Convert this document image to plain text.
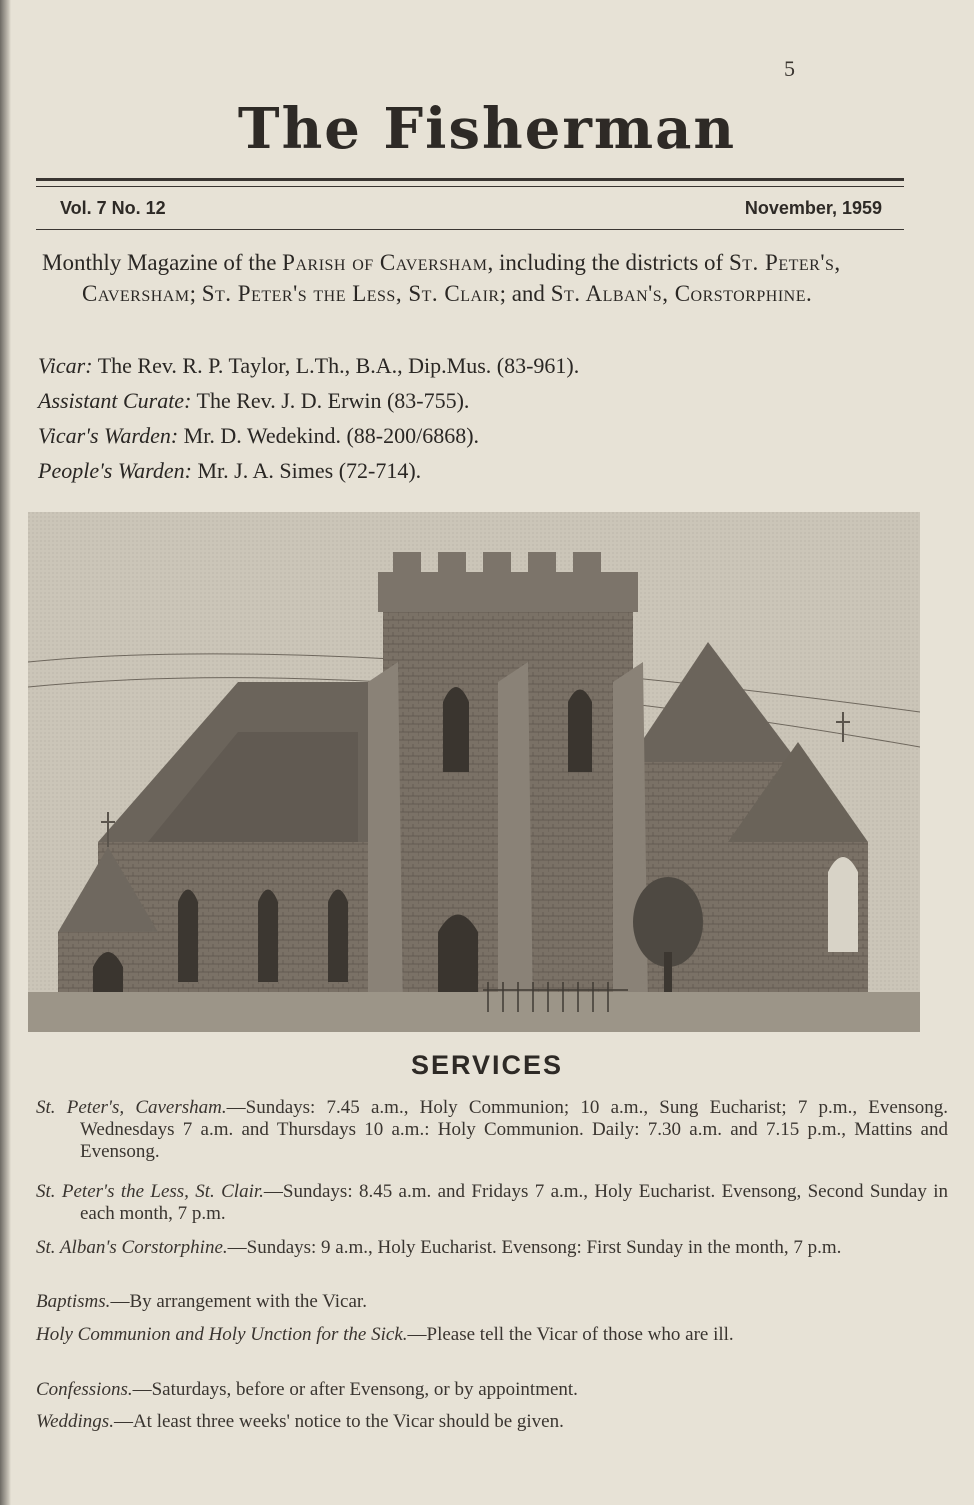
5
The Fisherman
Vol. 7 No. 12	November, 1959
Monthly Magazine of the Parish of Caversham, including the districts of St. Peter's, Caversham; St. Peter's the Less, St. Clair; and St. Alban's, Corstorphine.
Vicar: The Rev. R. P. Taylor, L.Th., B.A., Dip.Mus. (83-961).
Assistant Curate: The Rev. J. D. Erwin (83-755).
Vicar's Warden: Mr. D. Wedekind. (88-200/6868).
People's Warden: Mr. J. A. Simes (72-714).
SERVICES
St. Peter's, Caversham.—Sundays: 7.45 a.m., Holy Communion; 10 a.m., Sung Eucharist; 7 p.m., Evensong. Wednesdays 7 a.m. and Thursdays 10 a.m.: Holy Communion. Daily: 7.30 a.m. and 7.15 p.m., Mattins and Evensong.
St. Peter's the Less, St. Clair.—Sundays: 8.45 a.m. and Fridays 7 a.m., Holy Eucharist. Evensong, Second Sunday in each month, 7 p.m.
St. Alban's Corstorphine.—Sundays: 9 a.m., Holy Eucharist. Evensong: First Sunday in the month, 7 p.m.
Baptisms.—By arrangement with the Vicar.
Holy Communion and Holy Unction for the Sick.—Please tell the Vicar of those who are ill.
Confessions.—Saturdays, before or after Evensong, or by appointment.
Weddings.—At least three weeks' notice to the Vicar should be given.
